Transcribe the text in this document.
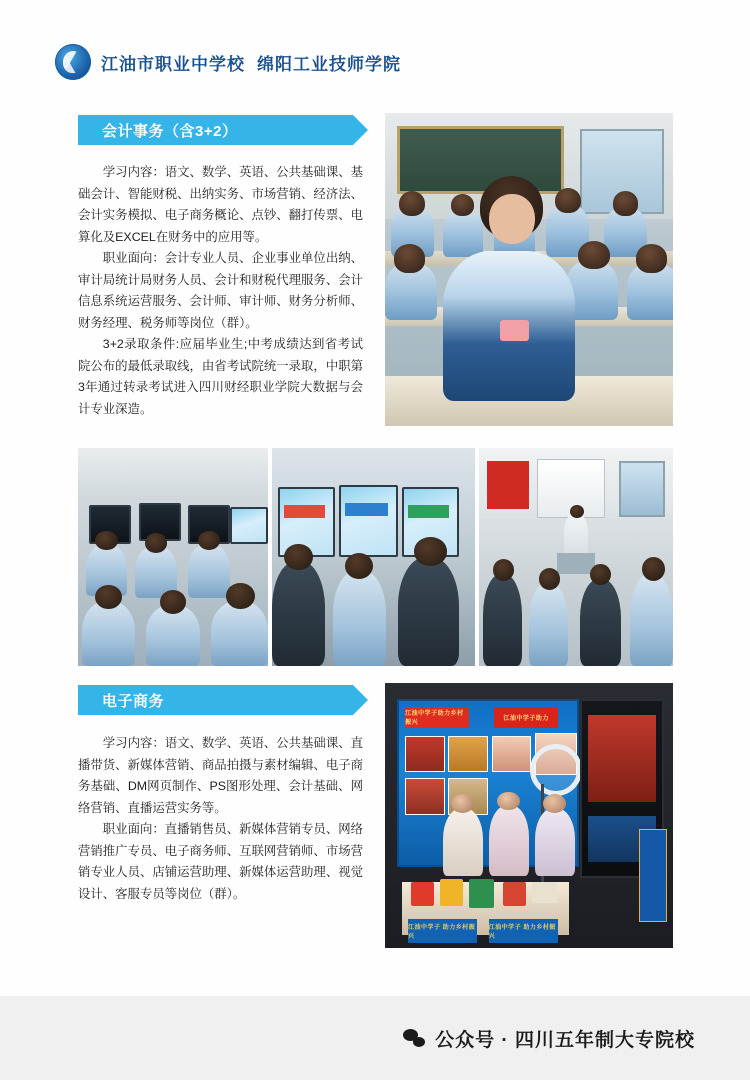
江油市职业中学校 绵阳工业技师学院
会计事务（含3+2）

学习内容：语文、数学、英语、公共基础课、基础会计、智能财税、出纳实务、市场营销、经济法、会计实务模拟、电子商务概论、点钞、翻打传票、电算化及EXCEL在财务中的应用等。

职业面向：会计专业人员、企业事业单位出纳、审计局统计局财务人员、会计和财税代理服务、会计信息系统运营服务、会计师、审计师、财务分析师、财务经理、税务师等岗位（群）。

3+2录取条件:应届毕业生;中考成绩达到省考试院公布的最低录取线，由省考试院统一录取，中职第3年通过转录考试进入四川财经职业学院大数据与会计专业深造。

电子商务

学习内容：语文、数学、英语、公共基础课、直播带货、新媒体营销、商品拍摄与素材编辑、电子商务基础、DM网页制作、PS图形处理、会计基础、网络营销、直播运营实务等。

职业面向：直播销售员、新媒体营销专员、网络营销推广专员、电子商务师、互联网营销师、市场营销专业人员、店铺运营助理、新媒体运营助理、视觉设计、客服专员等岗位（群）。

江油中学子助力乡村振兴
江油中学子助力
江油中学子 助力乡村振兴
江油中学子 助力乡村振兴
公众号 · 四川五年制大专院校
